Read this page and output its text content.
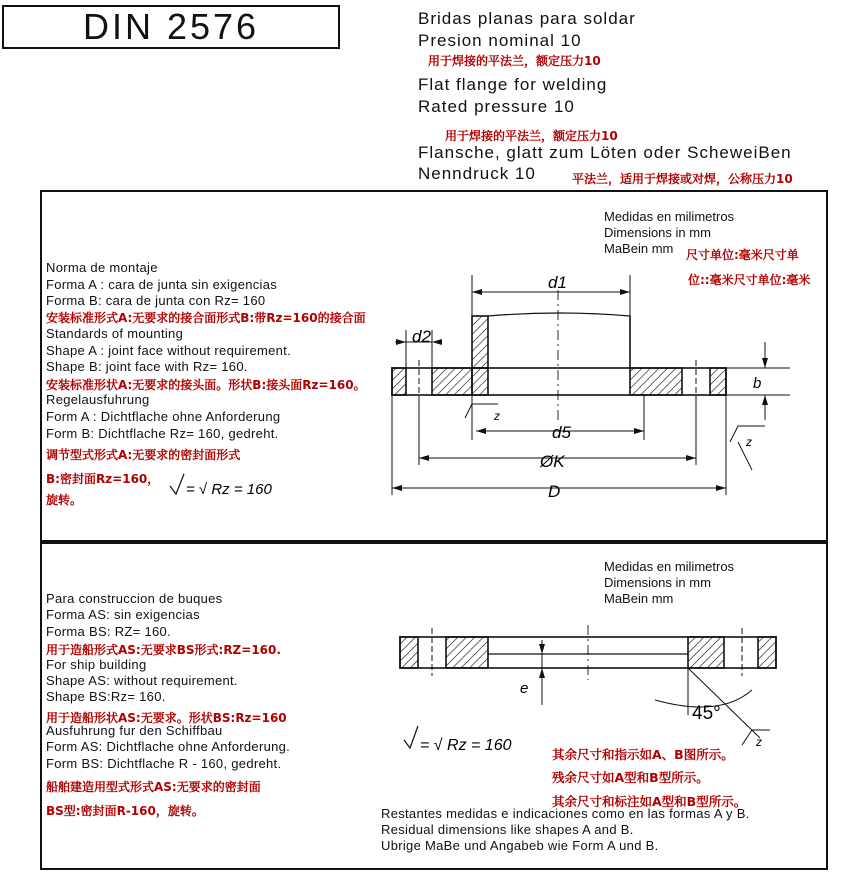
DIN 2576	Bridas planas para soldar
Presion nominal 10
用于焊接的平法兰，额定压力10
Flat flange for welding
Rated pressure 10
用于焊接的平法兰，额定压力10
Flansche, glatt zum Löten oder ScheweiBen
Nenndruck 10	平法兰，适用于焊接或对焊，公称压力10
Medidas en milimetros
Dimensions in mm
MaBein mm 尺寸单位:毫米尺寸单
位::毫米尺寸单位:毫米
Norma de montaje
Forma A : cara de junta sin exigencias
Forma B: cara de junta con Rz= 160
安装标准形式A:无要求的接合面形式B:带Rz=160的接合面
Standards of mounting
Shape A : joint face without requirement.
Shape B: joint face with Rz= 160.
安装标准形状A:无要求的接头面。形状B:接头面Rz=160。
Regelausfuhrung
Form A : Dichtflache ohne Anforderung
Form B: Dichtflache Rz= 160, gedreht.
调节型式形式A:无要求的密封面形式
B:密封面Rz=160，
旋转。
d1
d2
d5
ØK
D
b
z
z
= √ Rz = 160
e
45°
z
= √ Rz = 160
Medidas en milimetros
Dimensions in mm
MaBein mm
Para construccion de buques
Forma AS: sin exigencias
Forma BS: RZ= 160.
用于造船形式AS:无要求BS形式:RZ=160.
For ship building
Shape AS: without requirement.
Shape BS:Rz= 160.
用于造船形状AS:无要求。形状BS:Rz=160
Ausfuhrung fur den Schiffbau
Form AS: Dichtflache ohne Anforderung.
Form BS: Dichtflache R - 160, gedreht.
船舶建造用型式形式AS:无要求的密封面
BS型:密封面R-160，旋转。
其余尺寸和指示如A、B图所示。
残余尺寸如A型和B型所示。
其余尺寸和标注如A型和B型所示。
Restantes medidas e indicaciones como en las formas A y B.
Residual dimensions like shapes A and B.
Ubrige MaBe und Angabeb wie Form A und B.
